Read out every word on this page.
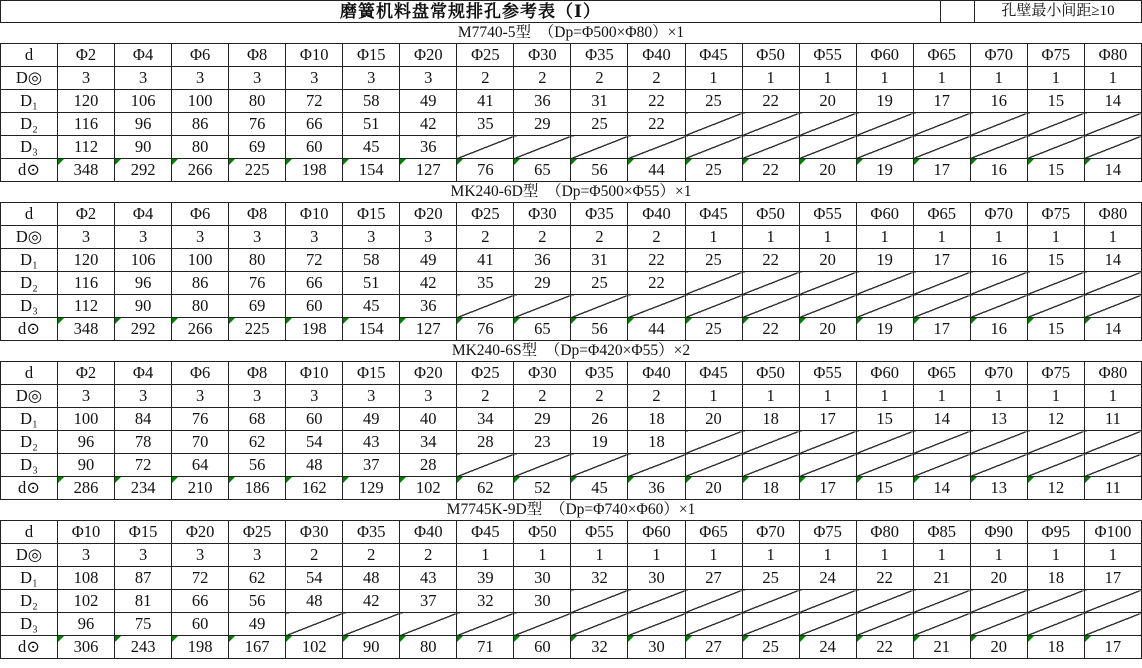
磨簧机料盘常规排孔参考表（Ⅰ）	孔壁最小间距≥10
M7740-5型　（Dp=Φ500×Φ80）×1
d	Φ2	Φ4	Φ6	Φ8	Φ10	Φ15	Φ20	Φ25	Φ30	Φ35	Φ40	Φ45	Φ50	Φ55	Φ60	Φ65	Φ70	Φ75	Φ80
D◎	3	3	3	3	3	3	3	2	2	2	2	1	1	1	1	1	1	1	1
D₁	120	106	100	80	72	58	49	41	36	31	22	25	22	20	19	17	16	15	14
D₂	116	96	86	76	66	51	42	35	29	25	22								
D₃	112	90	80	69	60	45	36												
d⊙	348	292	266	225	198	154	127	76	65	56	44	25	22	20	19	17	16	15	14
MK240-6D型　（Dp=Φ500×Φ55）×1
d	Φ2	Φ4	Φ6	Φ8	Φ10	Φ15	Φ20	Φ25	Φ30	Φ35	Φ40	Φ45	Φ50	Φ55	Φ60	Φ65	Φ70	Φ75	Φ80
D◎	3	3	3	3	3	3	3	2	2	2	2	1	1	1	1	1	1	1	1
D₁	120	106	100	80	72	58	49	41	36	31	22	25	22	20	19	17	16	15	14
D₂	116	96	86	76	66	51	42	35	29	25	22								
D₃	112	90	80	69	60	45	36												
d⊙	348	292	266	225	198	154	127	76	65	56	44	25	22	20	19	17	16	15	14
MK240-6S型　（Dp=Φ420×Φ55）×2
d	Φ2	Φ4	Φ6	Φ8	Φ10	Φ15	Φ20	Φ25	Φ30	Φ35	Φ40	Φ45	Φ50	Φ55	Φ60	Φ65	Φ70	Φ75	Φ80
D◎	3	3	3	3	3	3	3	2	2	2	2	1	1	1	1	1	1	1	1
D₁	100	84	76	68	60	49	40	34	29	26	18	20	18	17	15	14	13	12	11
D₂	96	78	70	62	54	43	34	28	23	19	18								
D₃	90	72	64	56	48	37	28												
d⊙	286	234	210	186	162	129	102	62	52	45	36	20	18	17	15	14	13	12	11
M7745K-9D型　（Dp=Φ740×Φ60）×1
d	Φ10	Φ15	Φ20	Φ25	Φ30	Φ35	Φ40	Φ45	Φ50	Φ55	Φ60	Φ65	Φ70	Φ75	Φ80	Φ85	Φ90	Φ95	Φ100
D◎	3	3	3	3	2	2	2	1	1	1	1	1	1	1	1	1	1	1	1
D₁	108	87	72	62	54	48	43	39	30	32	30	27	25	24	22	21	20	18	17
D₂	102	81	66	56	48	42	37	32	30										
D₃	96	75	60	49															
d⊙	306	243	198	167	102	90	80	71	60	32	30	27	25	24	22	21	20	18	17
